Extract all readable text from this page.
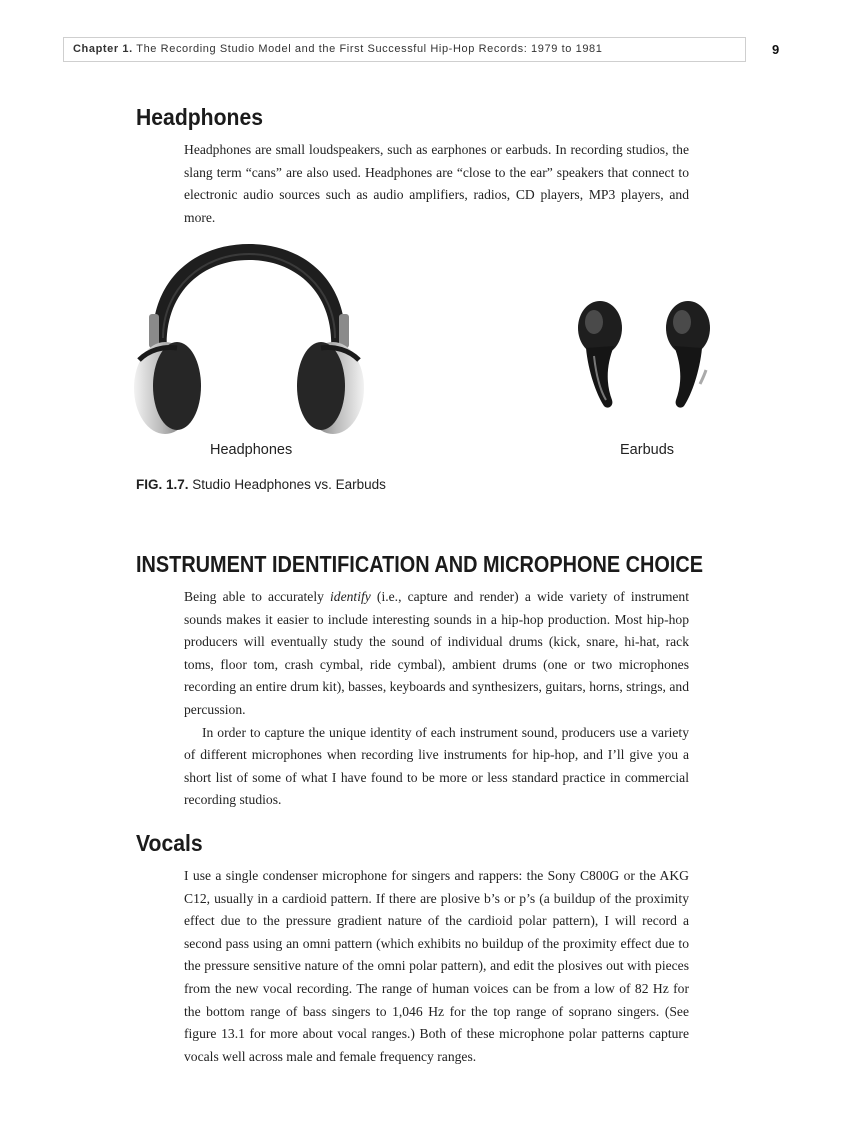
Chapter 1. The Recording Studio Model and the First Successful Hip-Hop Records: 1979 to 1981	9
Headphones

Headphones are small loudspeakers, such as earphones or earbuds. In recording studios, the slang term “cans” are also used. Headphones are “close to the ear” speakers that connect to electronic audio sources such as audio amplifiers, radios, CD players, MP3 players, and more.

Headphones	Earbuds
FIG. 1.7. Studio Headphones vs. Earbuds
INSTRUMENT IDENTIFICATION AND MICROPHONE CHOICE

Being able to accurately identify (i.e., capture and render) a wide variety of instrument sounds makes it easier to include interesting sounds in a hip-hop production. Most hip-hop producers will eventually study the sound of individual drums (kick, snare, hi-hat, rack toms, floor tom, crash cymbal, ride cymbal), ambient drums (one or two microphones recording an entire drum kit), basses, keyboards and synthesizers, guitars, horns, strings, and percussion.

In order to capture the unique identity of each instrument sound, producers use a variety of different microphones when recording live instruments for hip-hop, and I’ll give you a short list of some of what I have found to be more or less standard practice in commercial recording studios.

Vocals

I use a single condenser microphone for singers and rappers: the Sony C800G or the AKG C12, usually in a cardioid pattern. If there are plosive b’s or p’s (a buildup of the proximity effect due to the pressure gradient nature of the cardioid polar pattern), I will record a second pass using an omni pattern (which exhibits no buildup of the proximity effect due to the pressure sensitive nature of the omni polar pattern), and edit the plosives out with pieces from the new vocal recording. The range of human voices can be from a low of 82 Hz for the bottom range of bass singers to 1,046 Hz for the top range of soprano singers. (See figure 13.1 for more about vocal ranges.) Both of these microphone polar patterns capture vocals well across male and female frequency ranges.
